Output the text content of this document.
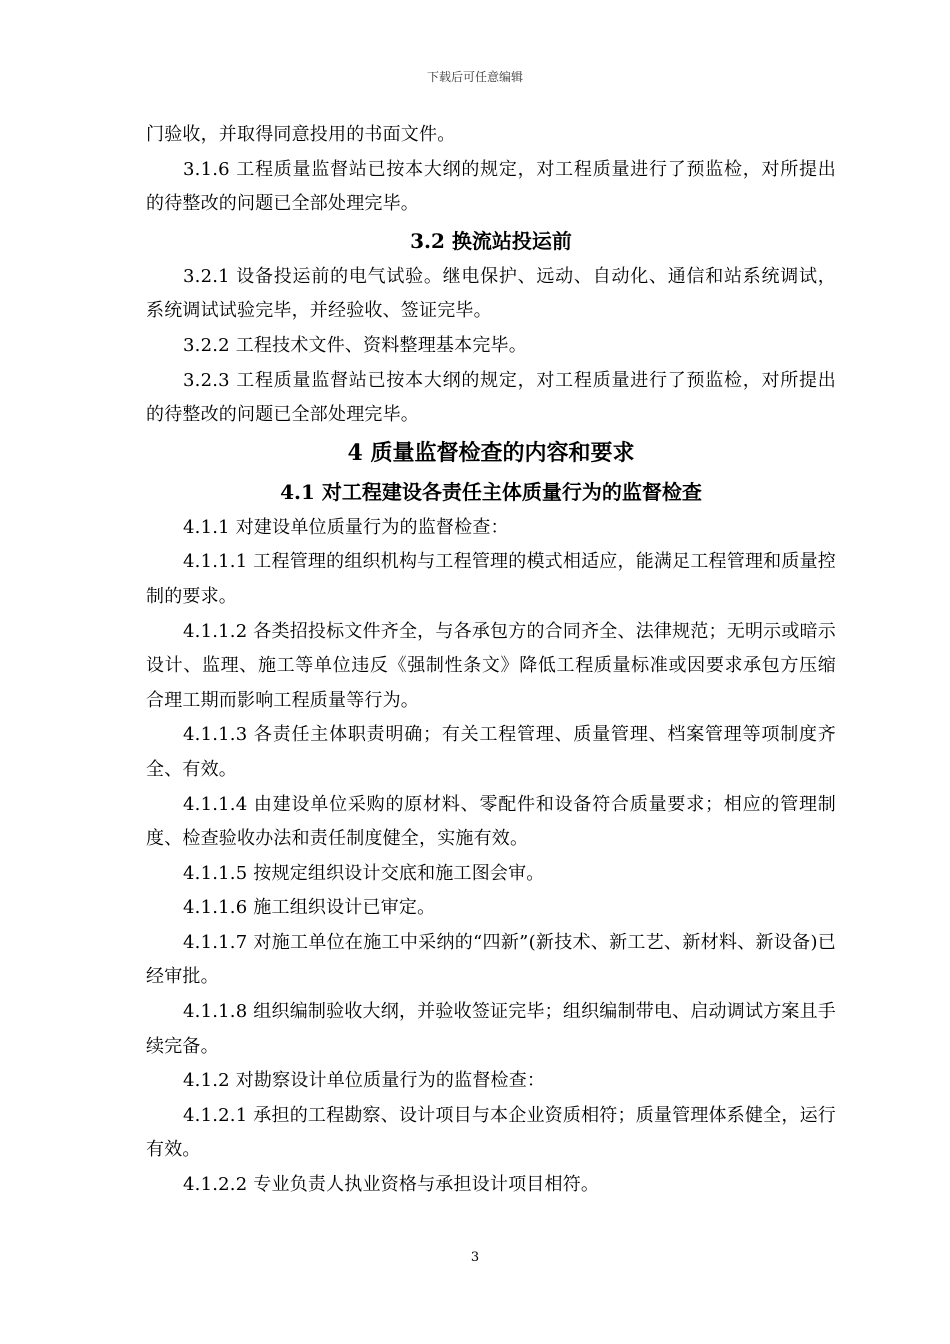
下载后可任意编辑

门验收，并取得同意投用的书面文件。

3.1.6 工程质量监督站已按本大纲的规定，对工程质量进行了预监检，对所提出的待整改的问题已全部处理完毕。

3.2 换流站投运前

3.2.1 设备投运前的电气试验。继电保护、远动、自动化、通信和站系统调试，系统调试试验完毕，并经验收、签证完毕。

3.2.2 工程技术文件、资料整理基本完毕。

3.2.3 工程质量监督站已按本大纲的规定，对工程质量进行了预监检，对所提出的待整改的问题已全部处理完毕。

4 质量监督检查的内容和要求
4.1 对工程建设各责任主体质量行为的监督检查

4.1.1 对建设单位质量行为的监督检查：

4.1.1.1 工程管理的组织机构与工程管理的模式相适应，能满足工程管理和质量控制的要求。

4.1.1.2 各类招投标文件齐全，与各承包方的合同齐全、法律规范；无明示或暗示设计、监理、施工等单位违反《强制性条文》降低工程质量标准或因要求承包方压缩合理工期而影响工程质量等行为。

4.1.1.3 各责任主体职责明确；有关工程管理、质量管理、档案管理等项制度齐全、有效。

4.1.1.4 由建设单位采购的原材料、零配件和设备符合质量要求；相应的管理制度、检查验收办法和责任制度健全，实施有效。

4.1.1.5 按规定组织设计交底和施工图会审。

4.1.1.6 施工组织设计已审定。

4.1.1.7 对施工单位在施工中采纳的“四新”(新技术、新工艺、新材料、新设备)已经审批。

4.1.1.8 组织编制验收大纲，并验收签证完毕；组织编制带电、启动调试方案且手续完备。

4.1.2 对勘察设计单位质量行为的监督检查：

4.1.2.1 承担的工程勘察、设计项目与本企业资质相符；质量管理体系健全，运行有效。

4.1.2.2 专业负责人执业资格与承担设计项目相符。

3
